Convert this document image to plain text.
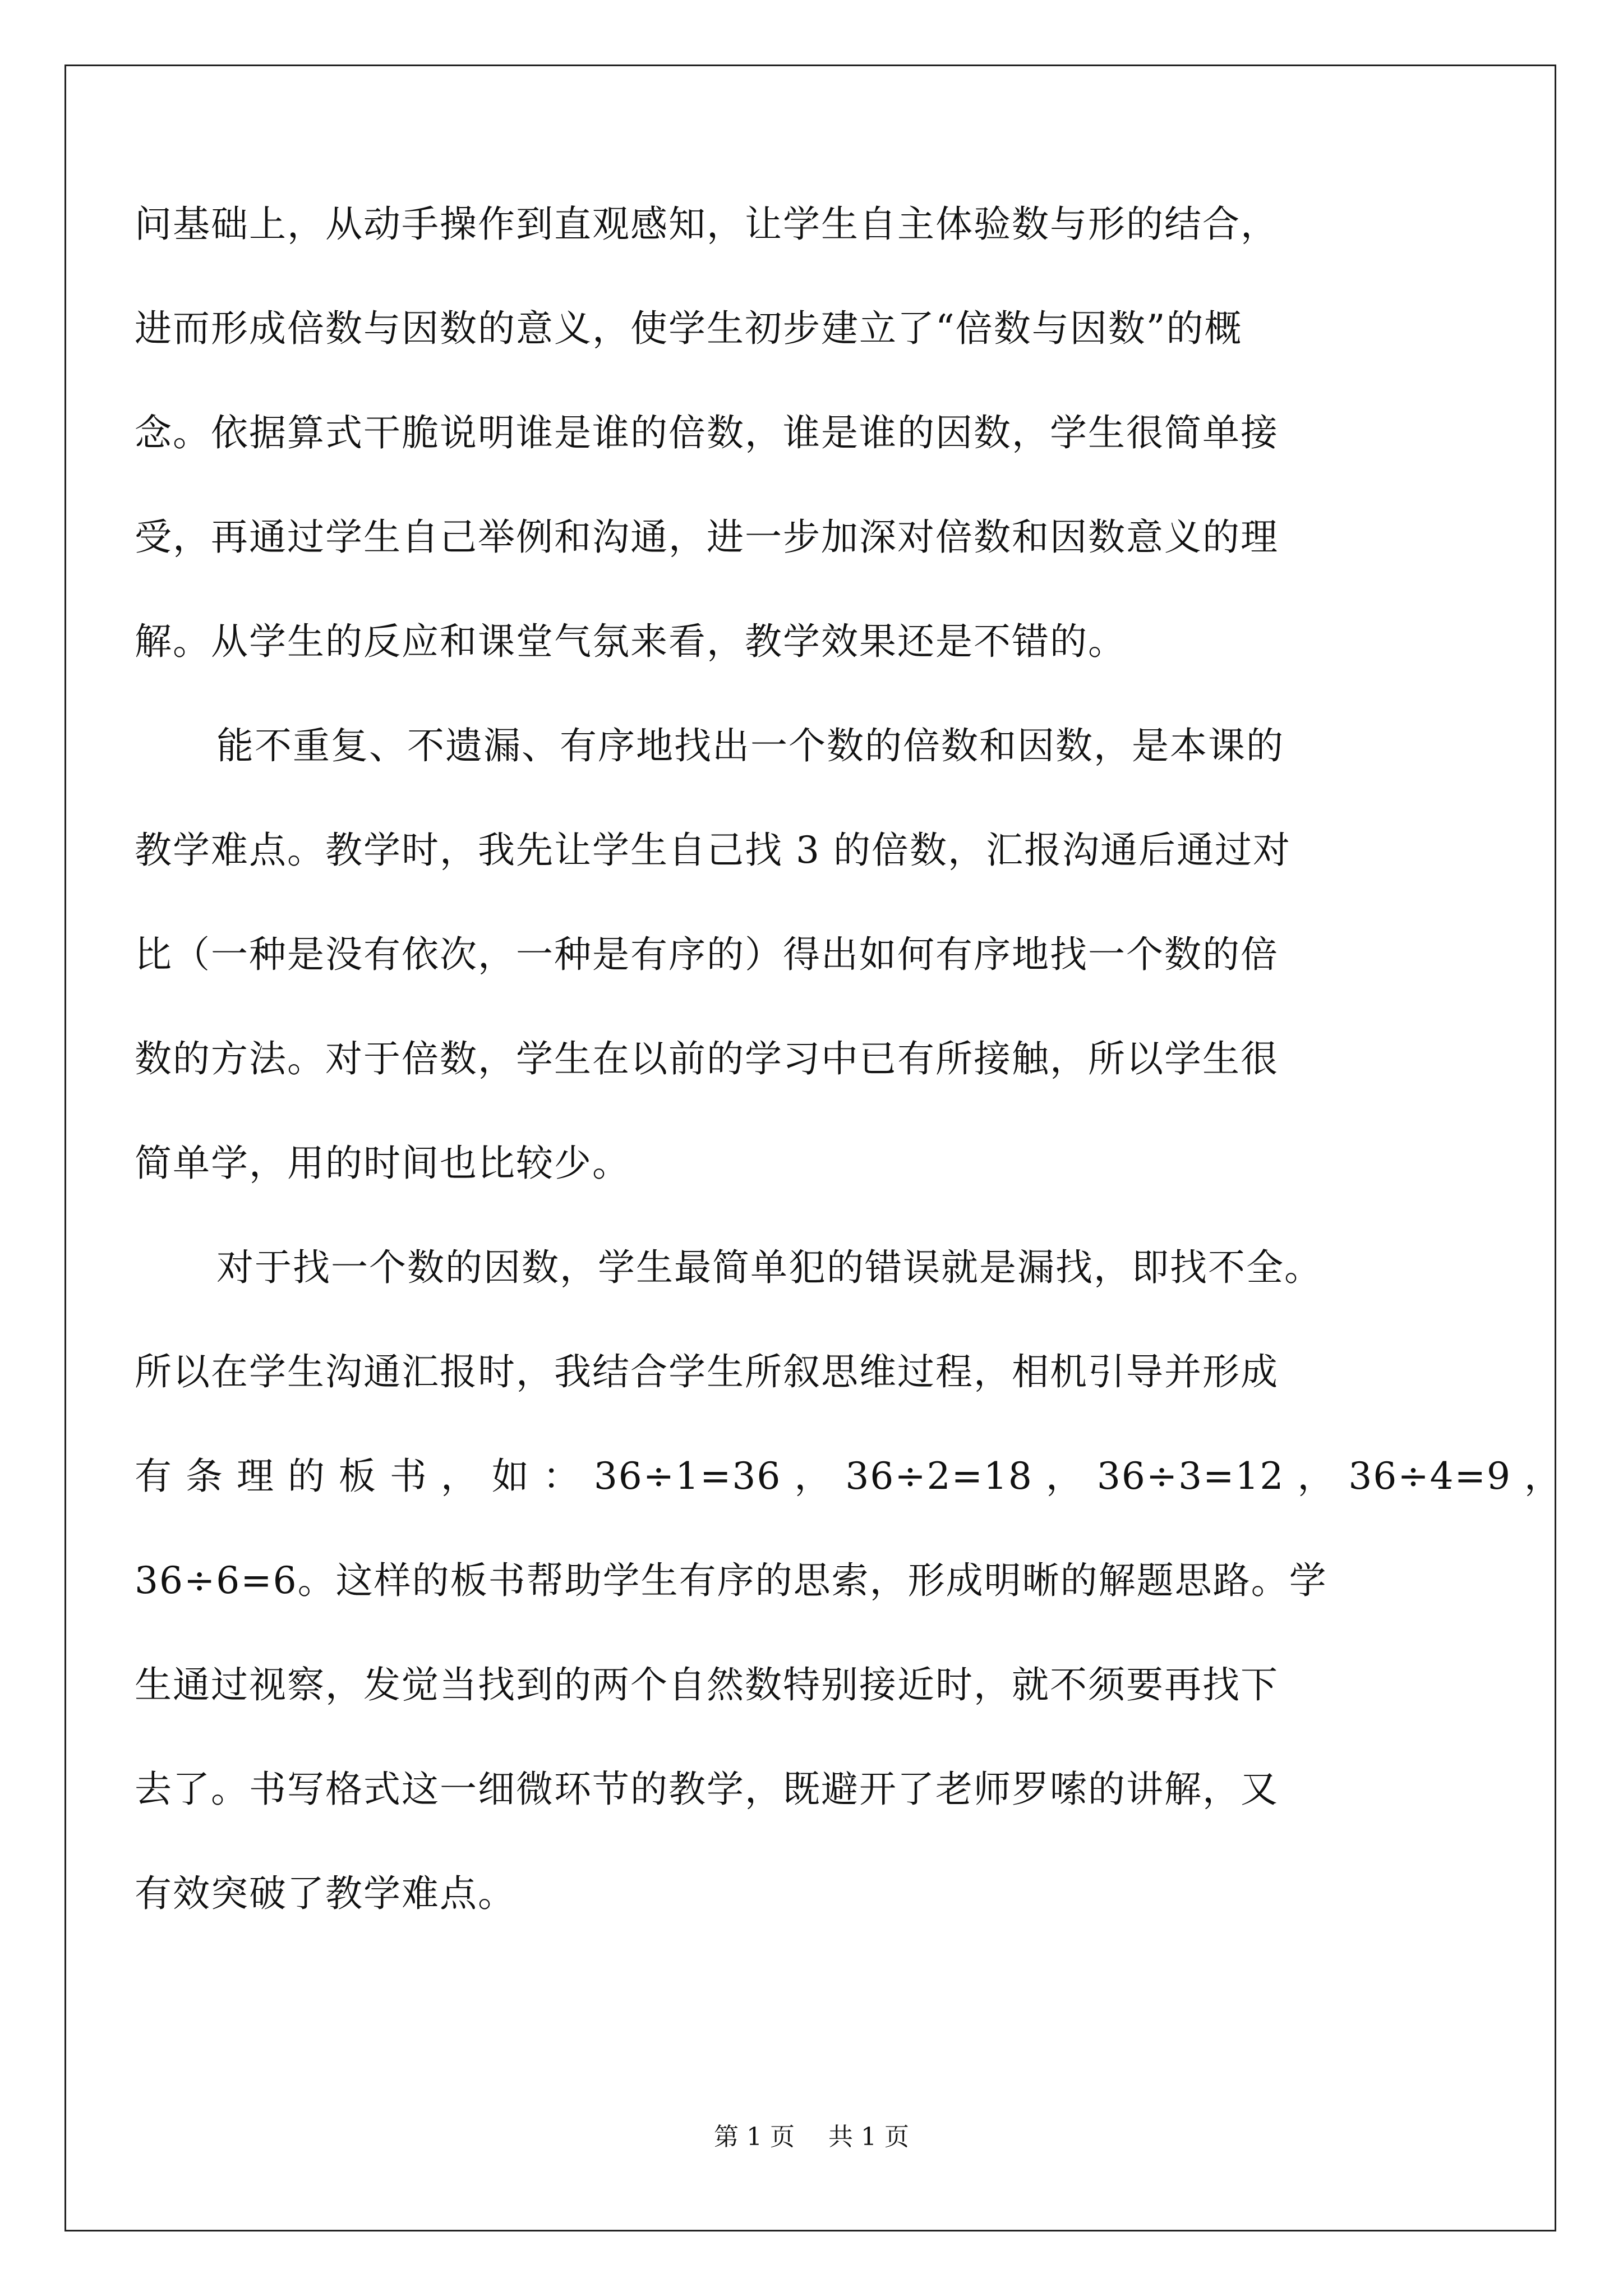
问基础上，从动手操作到直观感知，让学生自主体验数与形的结合，
进而形成倍数与因数的意义，使学生初步建立了“倍数与因数”的概
念。依据算式干脆说明谁是谁的倍数，谁是谁的因数，学生很简单接
受，再通过学生自己举例和沟通，进一步加深对倍数和因数意义的理
解。从学生的反应和课堂气氛来看，教学效果还是不错的。
能不重复、不遗漏、有序地找出一个数的倍数和因数，是本课的
教学难点。教学时，我先让学生自己找 3 的倍数，汇报沟通后通过对
比（一种是没有依次，一种是有序的）得出如何有序地找一个数的倍
数的方法。对于倍数，学生在以前的学习中已有所接触，所以学生很
简单学，用的时间也比较少。
对于找一个数的因数，学生最简单犯的错误就是漏找，即找不全。
所以在学生沟通汇报时，我结合学生所叙思维过程，相机引导并形成
有 条 理 的 板 书 ， 如 ： 36÷1=36 ， 36÷2=18 ， 36÷3=12 ， 36÷4=9 ，
36÷6=6。这样的板书帮助学生有序的思索，形成明晰的解题思路。学
生通过视察，发觉当找到的两个自然数特别接近时，就不须要再找下
去了。书写格式这一细微环节的教学，既避开了老师罗嗦的讲解，又
有效突破了教学难点。
第 1 页 共 1 页
